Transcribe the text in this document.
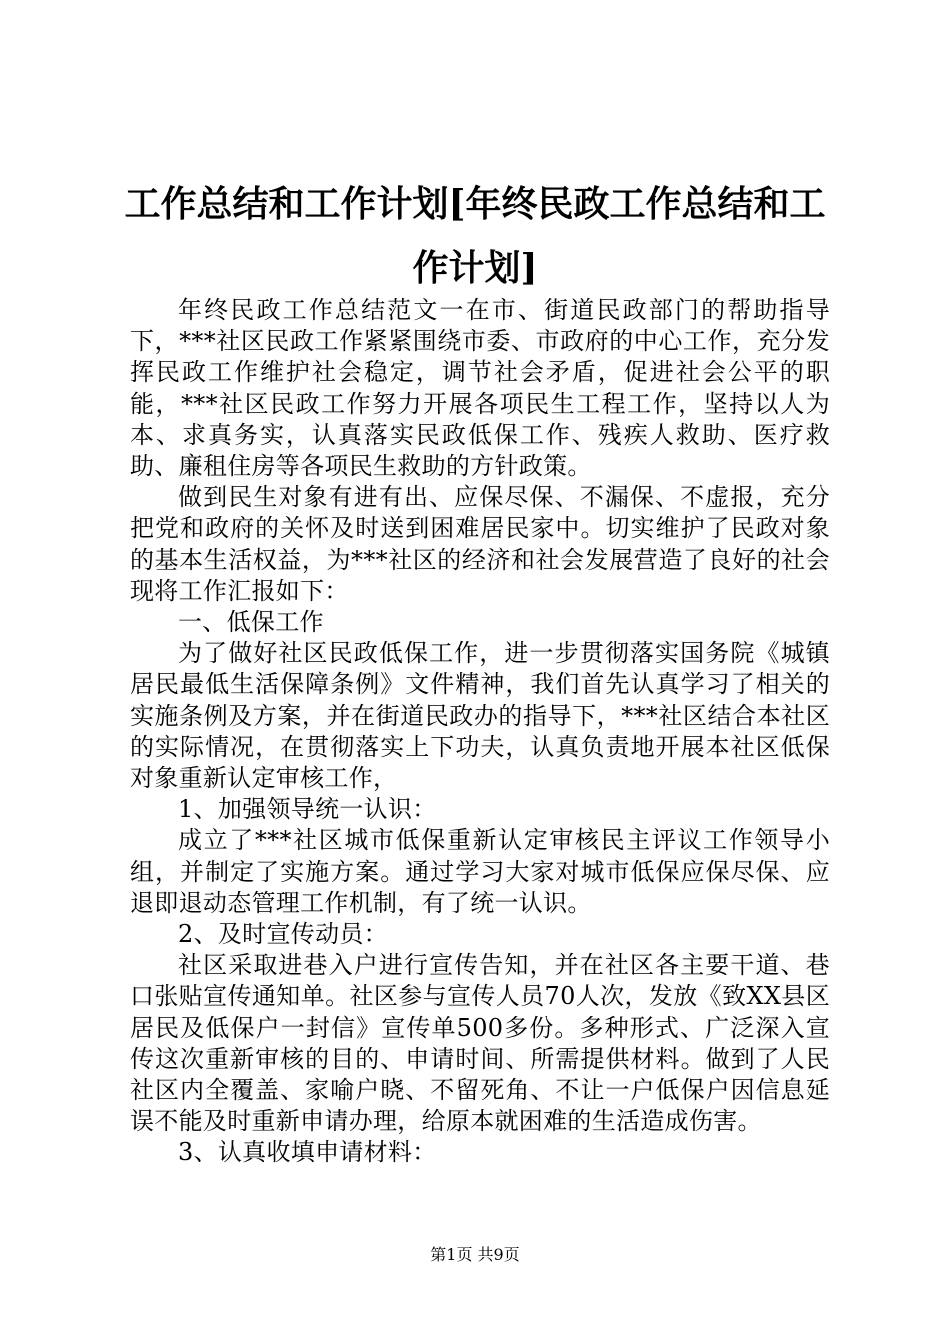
工作总结和工作计划[年终民政工作总结和工作计划]

年终民政工作总结范文一在市、街道民政部门的帮助指导下，***社区民政工作紧紧围绕市委、市政府的中心工作，充分发挥民政工作维护社会稳定，调节社会矛盾，促进社会公平的职能，***社区民政工作努力开展各项民生工程工作，坚持以人为本、求真务实，认真落实民政低保工作、残疾人救助、医疗救助、廉租住房等各项民生救助的方针政策。

做到民生对象有进有出、应保尽保、不漏保、不虚报，充分把党和政府的关怀及时送到困难居民家中。切实维护了民政对象的基本生活权益，为***社区的经济和社会发展营造了良好的社会现将工作汇报如下：

一、低保工作

为了做好社区民政低保工作，进一步贯彻落实国务院《城镇居民最低生活保障条例》文件精神，我们首先认真学习了相关的实施条例及方案，并在街道民政办的指导下，***社区结合本社区的实际情况，在贯彻落实上下功夫，认真负责地开展本社区低保对象重新认定审核工作，

1、加强领导统一认识：

成立了***社区城市低保重新认定审核民主评议工作领导小组，并制定了实施方案。通过学习大家对城市低保应保尽保、应退即退动态管理工作机制，有了统一认识。

2、及时宣传动员：

社区采取进巷入户进行宣传告知，并在社区各主要干道、巷口张贴宣传通知单。社区参与宣传人员70人次，发放《致XX县区居民及低保户一封信》宣传单500多份。多种形式、广泛深入宣传这次重新审核的目的、申请时间、所需提供材料。做到了人民社区内全覆盖、家喻户晓、不留死角、不让一户低保户因信息延误不能及时重新申请办理，给原本就困难的生活造成伤害。

3、认真收填申请材料：

第1页 共9页
